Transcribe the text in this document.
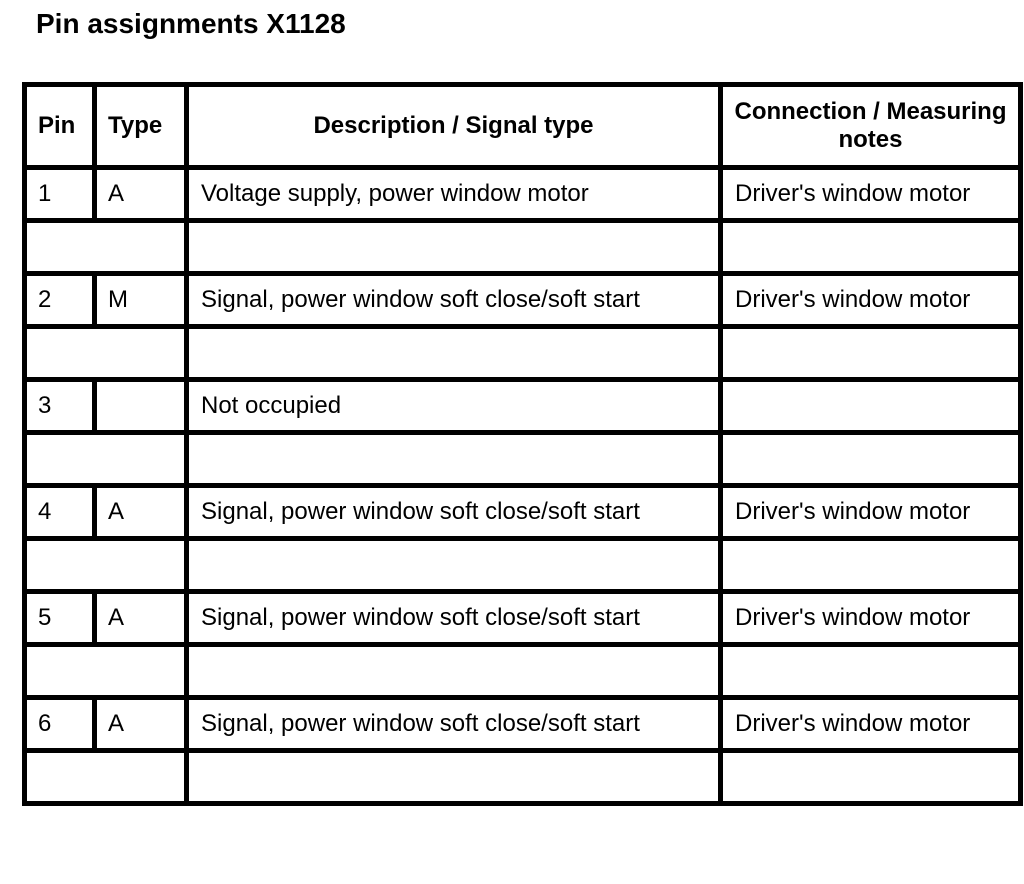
Pin assignments X1128
Pin	Type	Description / Signal type	Connection / Measuring notes
1	A	Voltage supply, power window motor	Driver's window motor

2	M	Signal, power window soft close/soft start	Driver's window motor

3		Not occupied	

4	A	Signal, power window soft close/soft start	Driver's window motor

5	A	Signal, power window soft close/soft start	Driver's window motor

6	A	Signal, power window soft close/soft start	Driver's window motor
